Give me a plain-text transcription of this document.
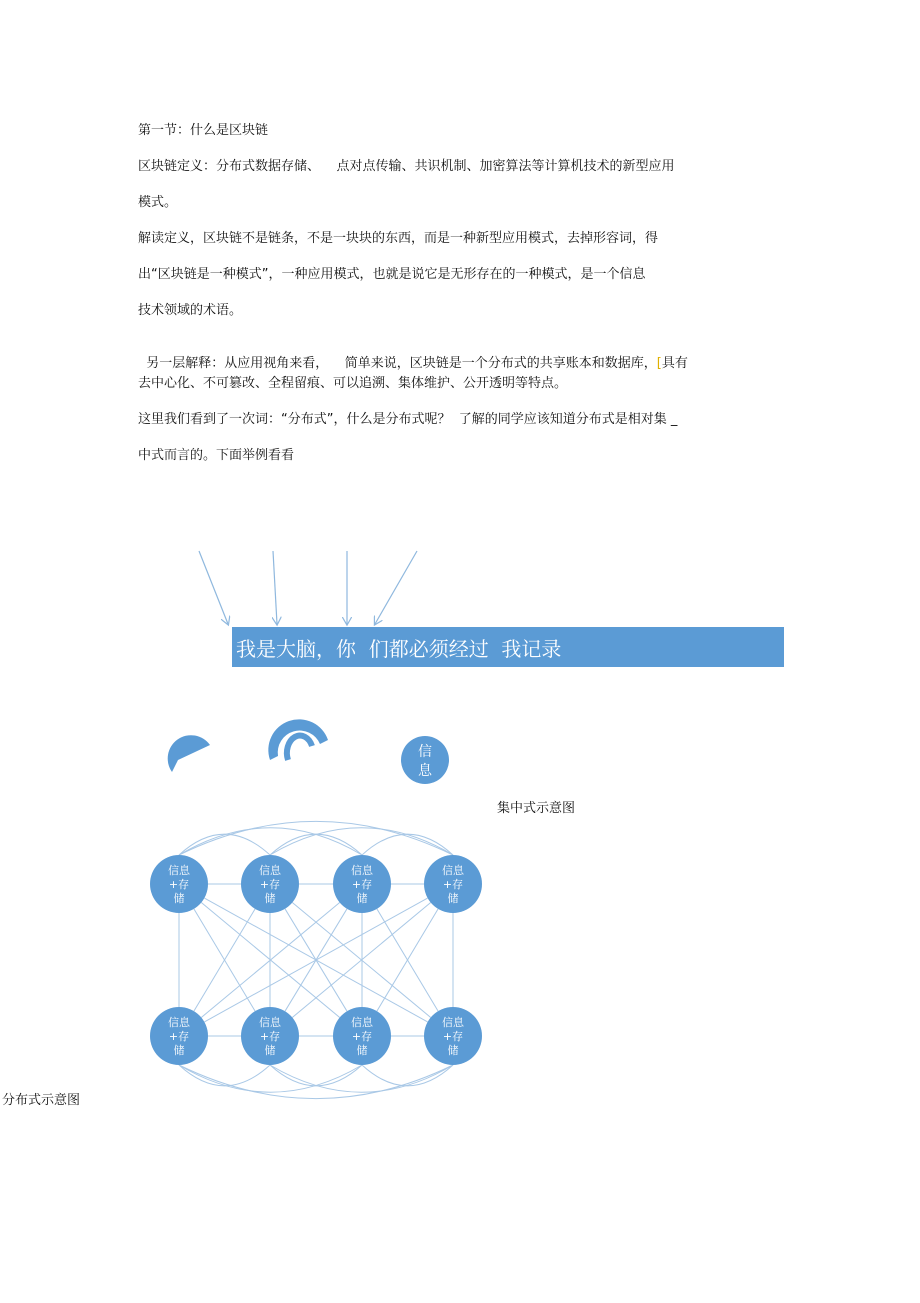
第一节：什么是区块链
区块链定义：分布式数据存储、    点对点传输、共识机制、加密算法等计算机技术的新型应用
模式。
解读定义，区块链不是链条，不是一块块的东西，而是一种新型应用模式，去掉形容词，得
出“区块链是一种模式”，一种应用模式，也就是说它是无形存在的一种模式，是一个信息
技术领域的术语。

另一层解释：从应用视角来看，    简单来说，区块链是一个分布式的共享账本和数据库，[具有

去中心化、不可篡改、全程留痕、可以追溯、集体维护、公开透明等特点。
这里我们看到了一次词：“分布式”，什么是分布式呢？  了解的同学应该知道分布式是相对集 _
中式而言的。下面举例看看
我是大脑，你  们都必须经过  我记录
信
息
集中式示意图
信息
+存
储
信息
+存
储
信息
+存
储
信息
+存
储
信息
+存
储
信息
+存
储
信息
+存
储
信息
+存
储
分布式示意图
